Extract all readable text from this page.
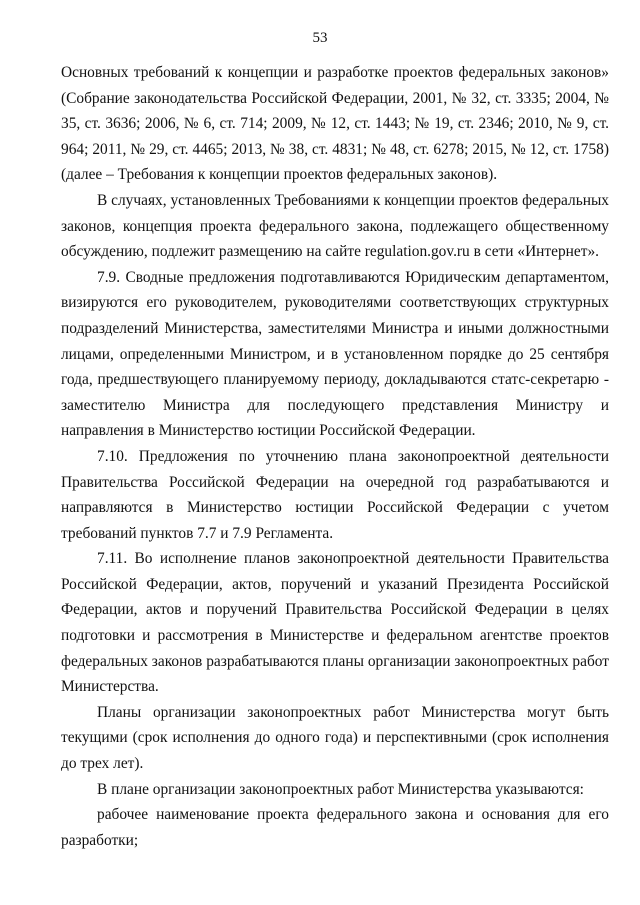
53

Основных требований к концепции и разработке проектов федеральных законов» (Собрание законодательства Российской Федерации, 2001, № 32, ст. 3335; 2004, № 35, ст. 3636; 2006, № 6, ст. 714; 2009, № 12, ст. 1443; № 19, ст. 2346; 2010, № 9, ст. 964; 2011, № 29, ст. 4465; 2013, № 38, ст. 4831; № 48, ст. 6278; 2015, № 12, ст. 1758) (далее – Требования к концепции проектов федеральных законов).

В случаях, установленных Требованиями к концепции проектов федеральных законов, концепция проекта федерального закона, подлежащего общественному обсуждению, подлежит размещению на сайте regulation.gov.ru в сети «Интернет».

7.9. Сводные предложения подготавливаются Юридическим департаментом, визируются его руководителем, руководителями соответствующих структурных подразделений Министерства, заместителями Министра и иными должностными лицами, определенными Министром, и в установленном порядке до 25 сентября года, предшествующего планируемому периоду, докладываются статс-секретарю - заместителю Министра для последующего представления Министру и направления в Министерство юстиции Российской Федерации.

7.10. Предложения по уточнению плана законопроектной деятельности Правительства Российской Федерации на очередной год разрабатываются и направляются в Министерство юстиции Российской Федерации с учетом требований пунктов 7.7 и 7.9 Регламента.

7.11. Во исполнение планов законопроектной деятельности Правительства Российской Федерации, актов, поручений и указаний Президента Российской Федерации, актов и поручений Правительства Российской Федерации в целях подготовки и рассмотрения в Министерстве и федеральном агентстве проектов федеральных законов разрабатываются планы организации законопроектных работ Министерства.

Планы организации законопроектных работ Министерства могут быть текущими (срок исполнения до одного года) и перспективными (срок исполнения до трех лет).

В плане организации законопроектных работ Министерства указываются:

рабочее наименование проекта федерального закона и основания для его разработки;
